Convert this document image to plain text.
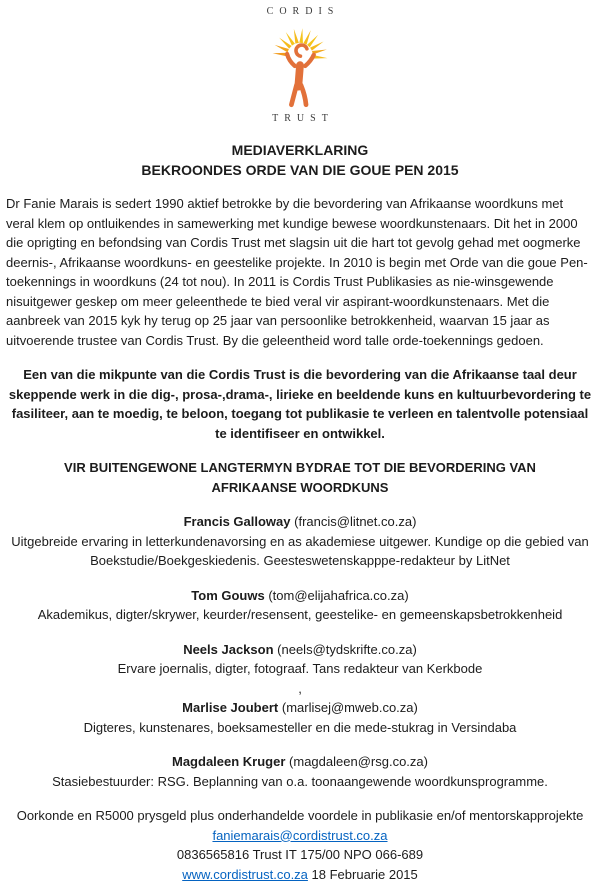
CORDIS
TRUST
MEDIAVERKLARING
BEKROONDES ORDE VAN DIE GOUE PEN 2015

Dr Fanie Marais is sedert 1990 aktief betrokke by die bevordering van Afrikaanse woordkuns met veral klem op ontluikendes in samewerking met kundige bewese woordkunstenaars. Dit het in 2000 die oprigting en befondsing van Cordis Trust met slagsin uit die hart tot gevolg gehad met oogmerke deernis-, Afrikaanse woordkuns- en geestelike projekte. In 2010 is begin met Orde van die goue Pen-toekennings in woordkuns (24 tot nou). In 2011 is Cordis Trust Publikasies as nie-winsgewende nisuitgewer geskep om meer geleenthede te bied veral vir aspirant-woordkunstenaars. Met die aanbreek van 2015 kyk hy terug op 25 jaar van persoonlike betrokkenheid, waarvan 15 jaar as uitvoerende trustee van Cordis Trust. By die geleentheid word talle orde-toekennings gedoen.

Een van die mikpunte van die Cordis Trust is die bevordering van die Afrikaanse taal deur skeppende werk in die dig-, prosa-,drama-, lirieke en beeldende kuns en kultuurbevordering te fasiliteer, aan te moedig, te beloon, toegang tot publikasie te verleen en talentvolle potensiaal te identifiseer en ontwikkel.

VIR BUITENGEWONE LANGTERMYN BYDRAE TOT DIE BEVORDERING VAN
AFRIKAANSE WOORDKUNS
Francis Galloway (francis@litnet.co.za)
Uitgebreide ervaring in letterkundenavorsing en as akademiese uitgewer. Kundige op die gebied van Boekstudie/Boekgeskiedenis. Geesteswetenskapppe-redakteur by LitNet
Tom Gouws (tom@elijahafrica.co.za)
Akademikus, digter/skrywer, keurder/resensent, geestelike- en gemeenskapsbetrokkenheid
Neels Jackson (neels@tydskrifte.co.za)
Ervare joernalis, digter, fotograaf. Tans redakteur van Kerkbode
,
Marlise Joubert (marlisej@mweb.co.za)
Digteres, kunstenares, boeksamesteller en die mede-stukrag in Versindaba
Magdaleen Kruger (magdaleen@rsg.co.za)
Stasiebestuurder: RSG. Beplanning van o.a. toonaangewende woordkunsprogramme.
Oorkonde en R5000 prysgeld plus onderhandelde voordele in publikasie en/of mentorskapprojekte
faniemarais@cordistrust.co.za
0836565816 Trust IT 175/00 NPO 066-689
www.cordistrust.co.za 18 Februarie 2015
